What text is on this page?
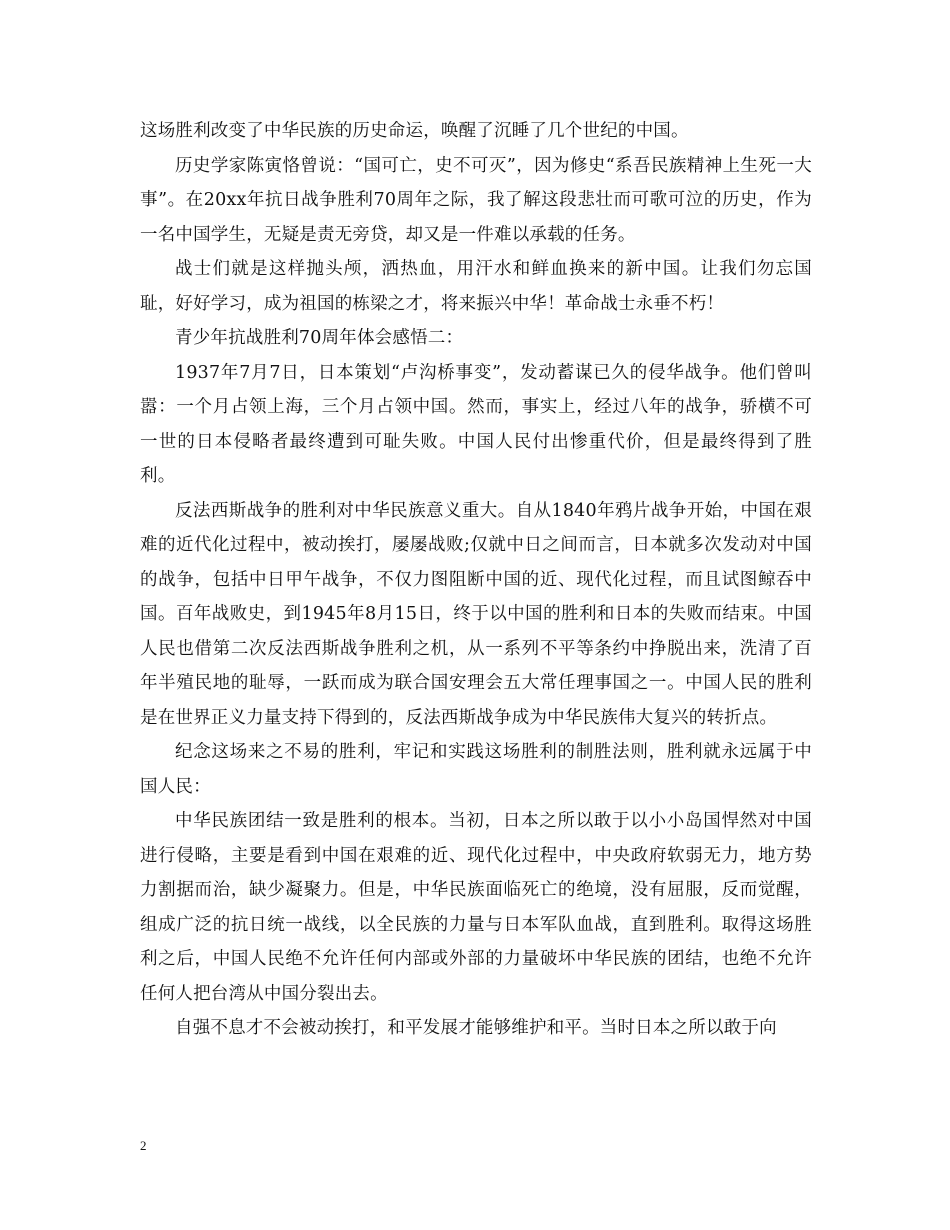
这场胜利改变了中华民族的历史命运，唤醒了沉睡了几个世纪的中国。

历史学家陈寅恪曾说：“国可亡，史不可灭”，因为修史“系吾民族精神上生死一大事”。在20xx年抗日战争胜利70周年之际，我了解这段悲壮而可歌可泣的历史，作为一名中国学生，无疑是责无旁贷，却又是一件难以承载的任务。

战士们就是这样抛头颅，洒热血，用汗水和鲜血换来的新中国。让我们勿忘国耻，好好学习，成为祖国的栋梁之才，将来振兴中华！革命战士永垂不朽！

青少年抗战胜利70周年体会感悟二：

1937年7月7日，日本策划“卢沟桥事变”，发动蓄谋已久的侵华战争。他们曾叫嚣：一个月占领上海，三个月占领中国。然而，事实上，经过八年的战争，骄横不可一世的日本侵略者最终遭到可耻失败。中国人民付出惨重代价，但是最终得到了胜利。

反法西斯战争的胜利对中华民族意义重大。自从1840年鸦片战争开始，中国在艰难的近代化过程中，被动挨打，屡屡战败;仅就中日之间而言，日本就多次发动对中国的战争，包括中日甲午战争，不仅力图阻断中国的近、现代化过程，而且试图鲸吞中国。百年战败史，到1945年8月15日，终于以中国的胜利和日本的失败而结束。中国人民也借第二次反法西斯战争胜利之机，从一系列不平等条约中挣脱出来，洗清了百年半殖民地的耻辱，一跃而成为联合国安理会五大常任理事国之一。中国人民的胜利是在世界正义力量支持下得到的，反法西斯战争成为中华民族伟大复兴的转折点。

纪念这场来之不易的胜利，牢记和实践这场胜利的制胜法则，胜利就永远属于中国人民：

中华民族团结一致是胜利的根本。当初，日本之所以敢于以小小岛国悍然对中国进行侵略，主要是看到中国在艰难的近、现代化过程中，中央政府软弱无力，地方势力割据而治，缺少凝聚力。但是，中华民族面临死亡的绝境，没有屈服，反而觉醒，组成广泛的抗日统一战线，以全民族的力量与日本军队血战，直到胜利。取得这场胜利之后，中国人民绝不允许任何内部或外部的力量破坏中华民族的团结，也绝不允许任何人把台湾从中国分裂出去。

自强不息才不会被动挨打，和平发展才能够维护和平。当时日本之所以敢于向

2
